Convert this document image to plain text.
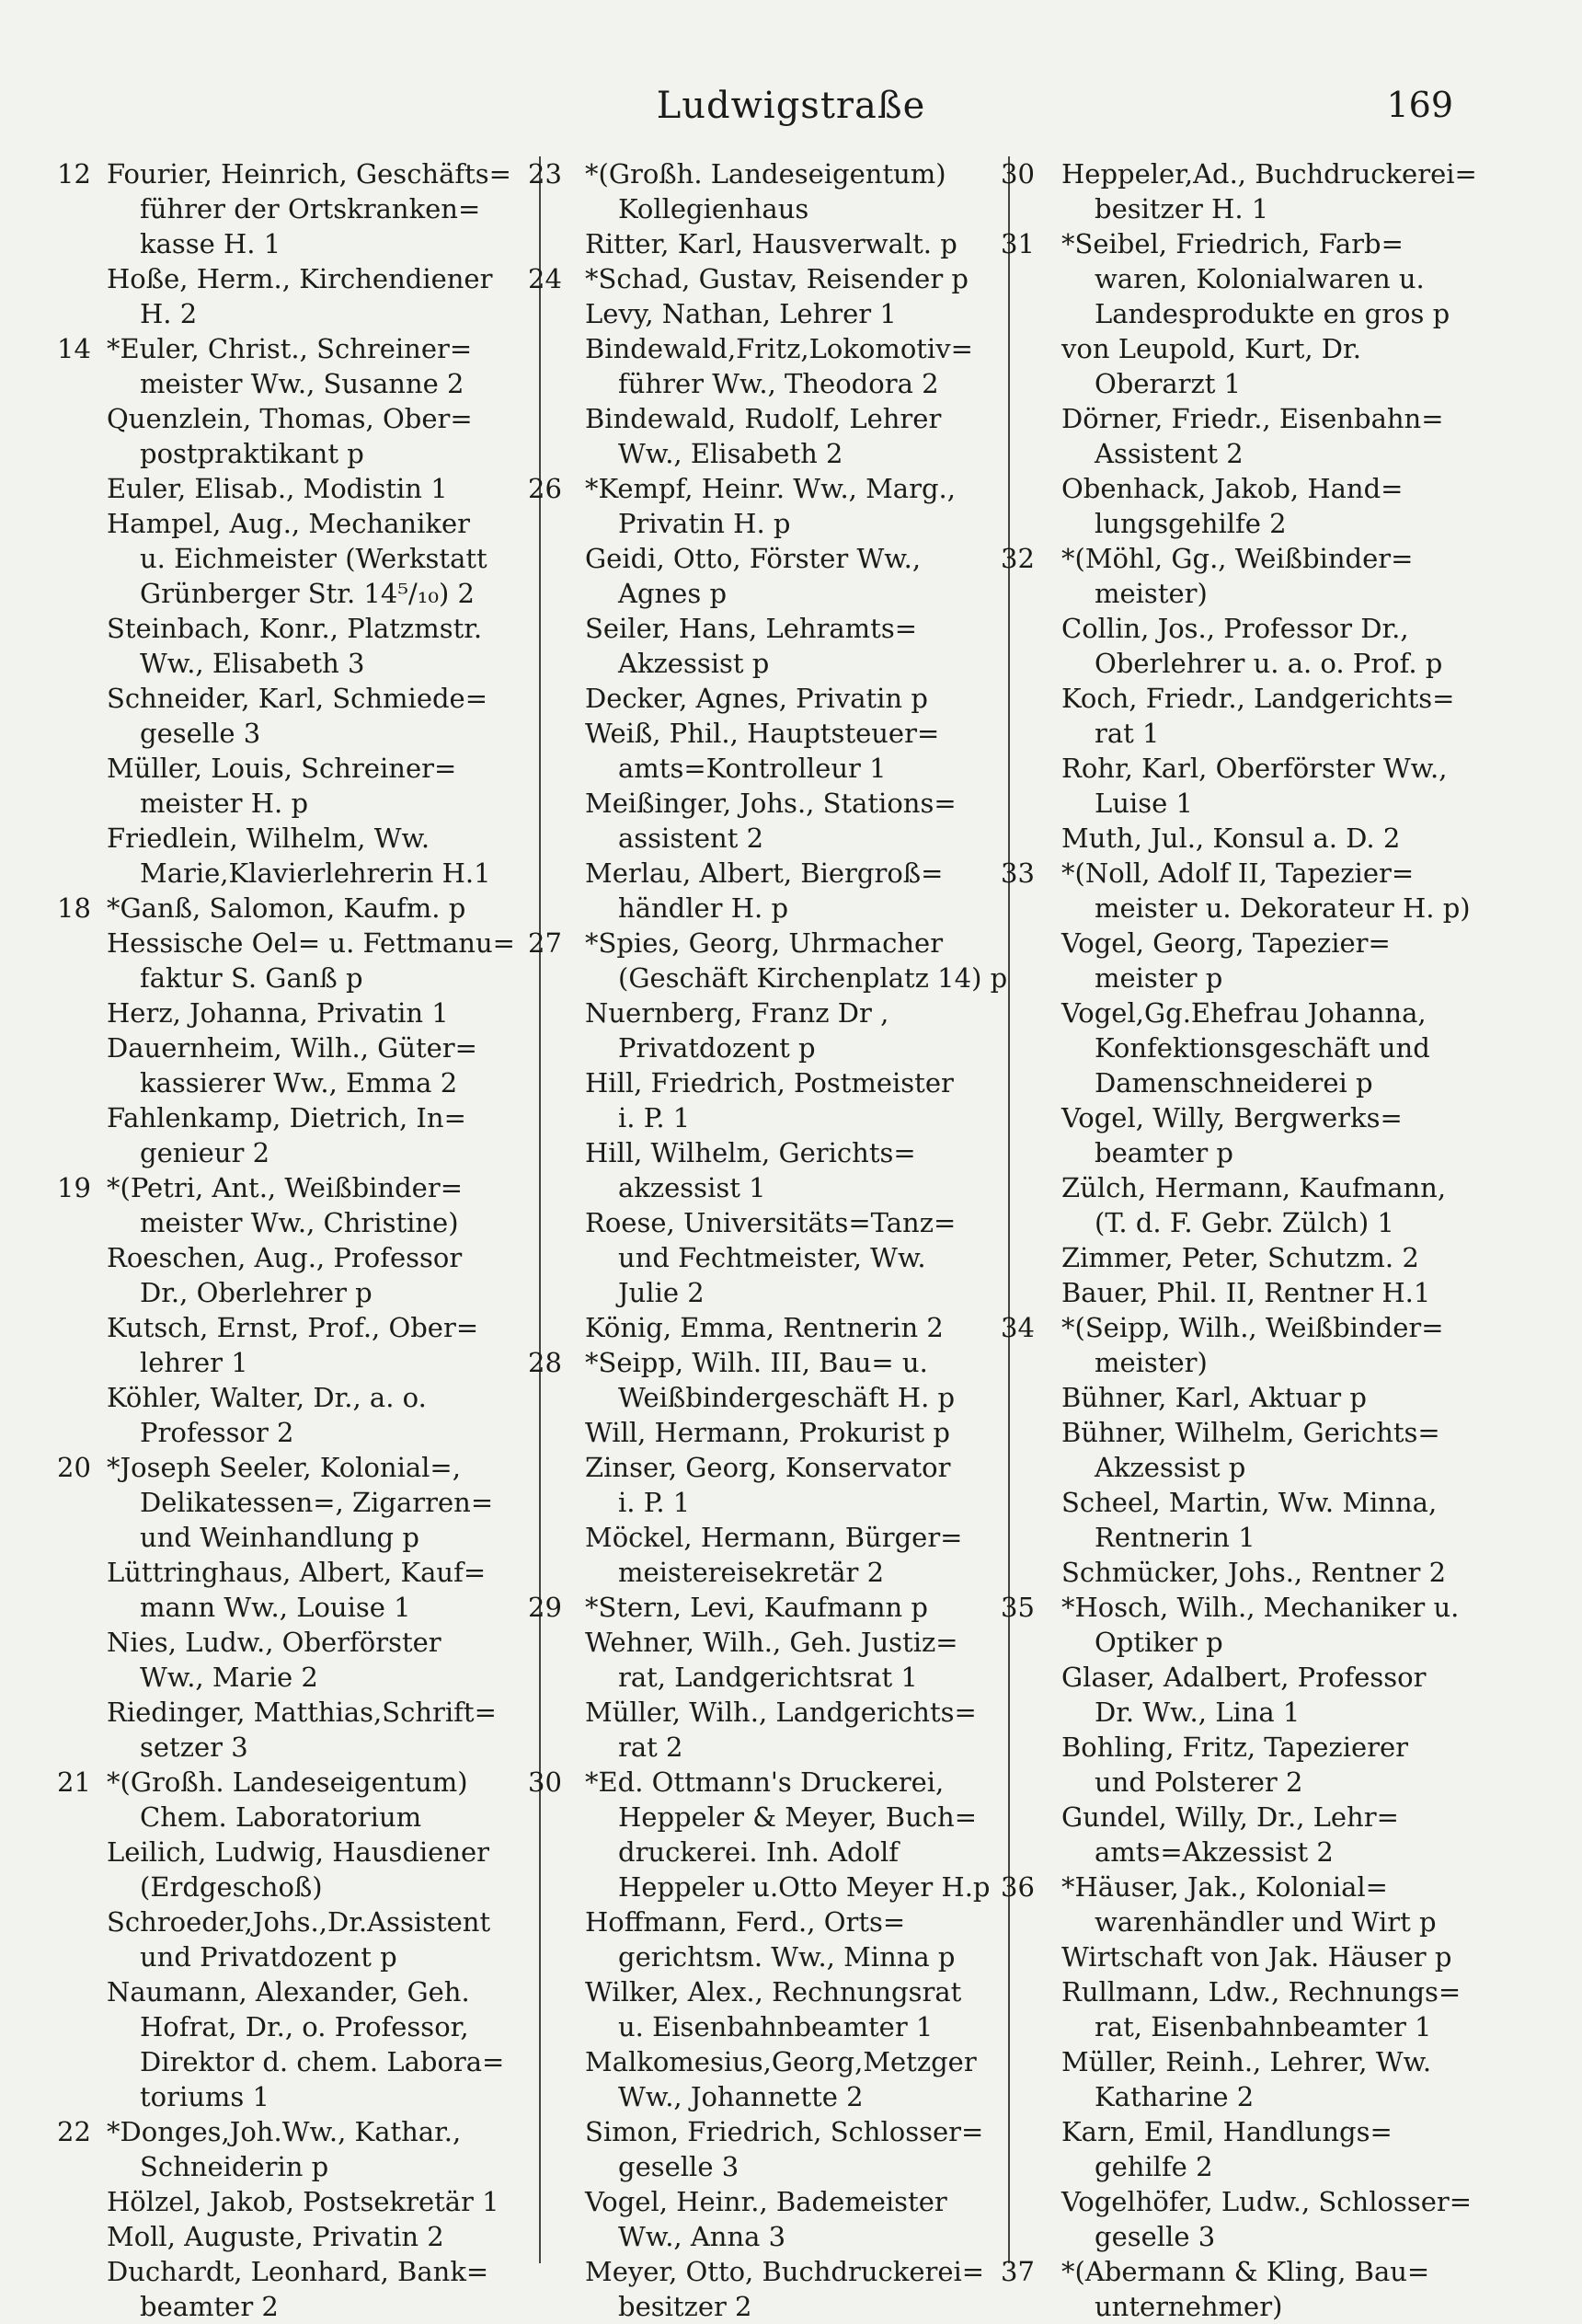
Ludwigstraße	169
12 Fourier, Heinrich, Geschäfts=
führer der Ortskranken=
kasse H. 1
Hoße, Herm., Kirchendiener
H. 2
14 *Euler, Christ., Schreiner=
meister Ww., Susanne 2
Quenzlein, Thomas, Ober=
postpraktikant p
Euler, Elisab., Modistin 1
Hampel, Aug., Mechaniker
u. Eichmeister (Werkstatt
Grünberger Str. 14⁵/₁₀) 2
Steinbach, Konr., Platzmstr.
Ww., Elisabeth 3
Schneider, Karl, Schmiede=
geselle 3
Müller, Louis, Schreiner=
meister H. p
Friedlein, Wilhelm, Ww.
Marie,Klavierlehrerin H.1
18 *Ganß, Salomon, Kaufm. p
Hessische Oel= u. Fettmanu=
faktur S. Ganß p
Herz, Johanna, Privatin 1
Dauernheim, Wilh., Güter=
kassierer Ww., Emma 2
Fahlenkamp, Dietrich, In=
genieur 2
19 *(Petri, Ant., Weißbinder=
meister Ww., Christine)
Roeschen, Aug., Professor
Dr., Oberlehrer p
Kutsch, Ernst, Prof., Ober=
lehrer 1
Köhler, Walter, Dr., a. o.
Professor 2
20 *Joseph Seeler, Kolonial=,
Delikatessen=, Zigarren=
und Weinhandlung p
Lüttringhaus, Albert, Kauf=
mann Ww., Louise 1
Nies, Ludw., Oberförster
Ww., Marie 2
Riedinger, Matthias,Schrift=
setzer 3
21 *(Großh. Landeseigentum)
Chem. Laboratorium
Leilich, Ludwig, Hausdiener
(Erdgeschoß)
Schroeder,Johs.,Dr.Assistent
und Privatdozent p
Naumann, Alexander, Geh.
Hofrat, Dr., o. Professor,
Direktor d. chem. Labora=
toriums 1
22 *Donges,Joh.Ww., Kathar.,
Schneiderin p
Hölzel, Jakob, Postsekretär 1
Moll, Auguste, Privatin 2
Duchardt, Leonhard, Bank=
beamter 2
23 *(Großh. Landeseigentum)
Kollegienhaus
Ritter, Karl, Hausverwalt. p
24 *Schad, Gustav, Reisender p
Levy, Nathan, Lehrer 1
Bindewald,Fritz,Lokomotiv=
führer Ww., Theodora 2
Bindewald, Rudolf, Lehrer
Ww., Elisabeth 2
26 *Kempf, Heinr. Ww., Marg.,
Privatin H. p
Geidi, Otto, Förster Ww.,
Agnes p
Seiler, Hans, Lehramts=
Akzessist p
Decker, Agnes, Privatin p
Weiß, Phil., Hauptsteuer=
amts=Kontrolleur 1
Meißinger, Johs., Stations=
assistent 2
Merlau, Albert, Biergroß=
händler H. p
27 *Spies, Georg, Uhrmacher
(Geschäft Kirchenplatz 14) p
Nuernberg, Franz Dr ,
Privatdozent p
Hill, Friedrich, Postmeister
i. P. 1
Hill, Wilhelm, Gerichts=
akzessist 1
Roese, Universitäts=Tanz=
und Fechtmeister, Ww.
Julie 2
König, Emma, Rentnerin 2
28 *Seipp, Wilh. III, Bau= u.
Weißbindergeschäft H. p
Will, Hermann, Prokurist p
Zinser, Georg, Konservator
i. P. 1
Möckel, Hermann, Bürger=
meistereisekretär 2
29 *Stern, Levi, Kaufmann p
Wehner, Wilh., Geh. Justiz=
rat, Landgerichtsrat 1
Müller, Wilh., Landgerichts=
rat 2
30 *Ed. Ottmann's Druckerei,
Heppeler & Meyer, Buch=
druckerei. Inh. Adolf
Heppeler u.Otto Meyer H.p
Hoffmann, Ferd., Orts=
gerichtsm. Ww., Minna p
Wilker, Alex., Rechnungsrat
u. Eisenbahnbeamter 1
Malkomesius,Georg,Metzger
Ww., Johannette 2
Simon, Friedrich, Schlosser=
geselle 3
Vogel, Heinr., Bademeister
Ww., Anna 3
Meyer, Otto, Buchdruckerei=
besitzer 2
30 Heppeler,Ad., Buchdruckerei=
besitzer H. 1
31 *Seibel, Friedrich, Farb=
waren, Kolonialwaren u.
Landesprodukte en gros p
von Leupold, Kurt, Dr.
Oberarzt 1
Dörner, Friedr., Eisenbahn=
Assistent 2
Obenhack, Jakob, Hand=
lungsgehilfe 2
32 *(Möhl, Gg., Weißbinder=
meister)
Collin, Jos., Professor Dr.,
Oberlehrer u. a. o. Prof. p
Koch, Friedr., Landgerichts=
rat 1
Rohr, Karl, Oberförster Ww.,
Luise 1
Muth, Jul., Konsul a. D. 2
33 *(Noll, Adolf II, Tapezier=
meister u. Dekorateur H. p)
Vogel, Georg, Tapezier=
meister p
Vogel,Gg.Ehefrau Johanna,
Konfektionsgeschäft und
Damenschneiderei p
Vogel, Willy, Bergwerks=
beamter p
Zülch, Hermann, Kaufmann,
(T. d. F. Gebr. Zülch) 1
Zimmer, Peter, Schutzm. 2
Bauer, Phil. II, Rentner H.1
34 *(Seipp, Wilh., Weißbinder=
meister)
Bühner, Karl, Aktuar p
Bühner, Wilhelm, Gerichts=
Akzessist p
Scheel, Martin, Ww. Minna,
Rentnerin 1
Schmücker, Johs., Rentner 2
35 *Hosch, Wilh., Mechaniker u.
Optiker p
Glaser, Adalbert, Professor
Dr. Ww., Lina 1
Bohling, Fritz, Tapezierer
und Polsterer 2
Gundel, Willy, Dr., Lehr=
amts=Akzessist 2
36 *Häuser, Jak., Kolonial=
warenhändler und Wirt p
Wirtschaft von Jak. Häuser p
Rullmann, Ldw., Rechnungs=
rat, Eisenbahnbeamter 1
Müller, Reinh., Lehrer, Ww.
Katharine 2
Karn, Emil, Handlungs=
gehilfe 2
Vogelhöfer, Ludw., Schlosser=
geselle 3
37 *(Abermann & Kling, Bau=
unternehmer)
